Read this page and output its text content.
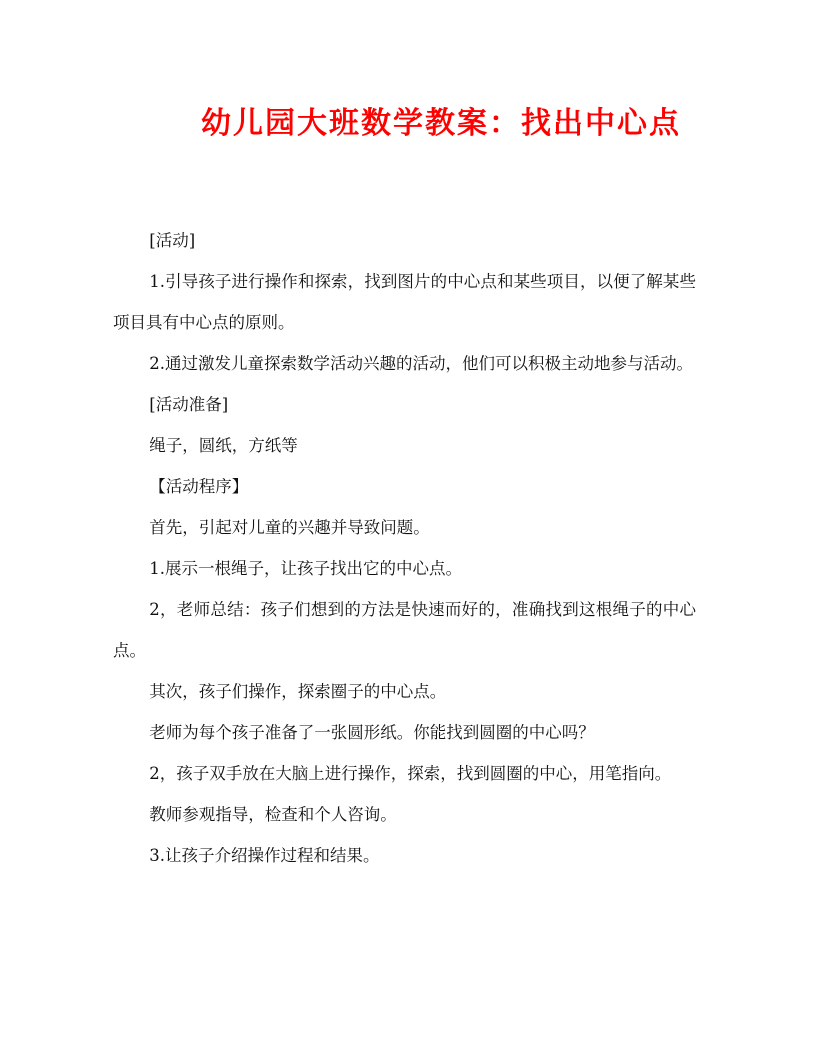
幼儿园大班数学教案：找出中心点

[活动]

1.引导孩子进行操作和探索，找到图片的中心点和某些项目，以便了解某些项目具有中心点的原则。

2.通过激发儿童探索数学活动兴趣的活动，他们可以积极主动地参与活动。

[活动准备]

绳子，圆纸，方纸等

【活动程序】

首先，引起对儿童的兴趣并导致问题。

1.展示一根绳子，让孩子找出它的中心点。

2，老师总结：孩子们想到的方法是快速而好的，准确找到这根绳子的中心点。

其次，孩子们操作，探索圈子的中心点。

老师为每个孩子准备了一张圆形纸。你能找到圆圈的中心吗？

2，孩子双手放在大脑上进行操作，探索，找到圆圈的中心，用笔指向。

教师参观指导，检查和个人咨询。

3.让孩子介绍操作过程和结果。
